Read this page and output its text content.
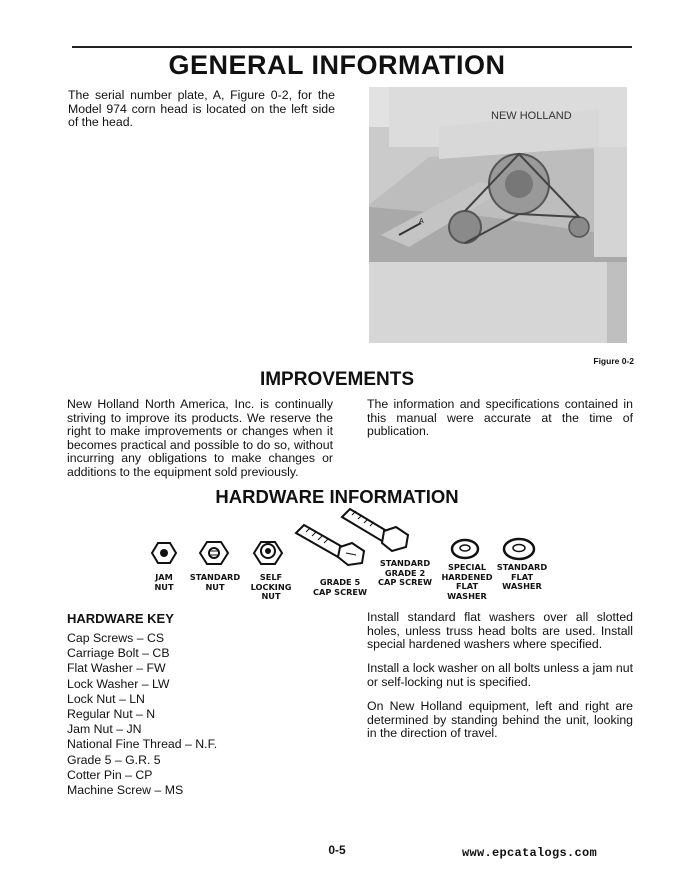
GENERAL INFORMATION
The serial number plate, A, Figure 0-2, for the Model 974 corn head is located on the left side of the head.	NEW HOLLAND
A
Figure 0-2
IMPROVEMENTS
New Holland North America, Inc. is continually striving to improve its products. We reserve the right to make improvements or changes when it becomes practical and possible to do so, without incurring any obligations to make changes or additions to the equipment sold previously.
The information and specifications contained in this manual were accurate at the time of publication.
HARDWARE INFORMATION
JAM
NUT
STANDARD
NUT
SELF
LOCKING
NUT
GRADE 5
CAP SCREW
STANDARD
GRADE 2
CAP SCREW
SPECIAL
HARDENED
FLAT
WASHER
STANDARD
FLAT
WASHER
HARDWARE KEY
Cap Screws – CS
Carriage Bolt – CB
Flat Washer – FW
Lock Washer – LW
Lock Nut – LN
Regular Nut – N
Jam Nut – JN
National Fine Thread – N.F.
Grade 5 – G.R. 5
Cotter Pin – CP
Machine Screw – MS
Install standard flat washers over all slotted holes, unless truss head bolts are used. Install special hardened washers where specified.
Install a lock washer on all bolts unless a jam nut or self-locking nut is specified.
On New Holland equipment, left and right are determined by standing behind the unit, looking in the direction of travel.
0-5	www.epcatalogs.com
